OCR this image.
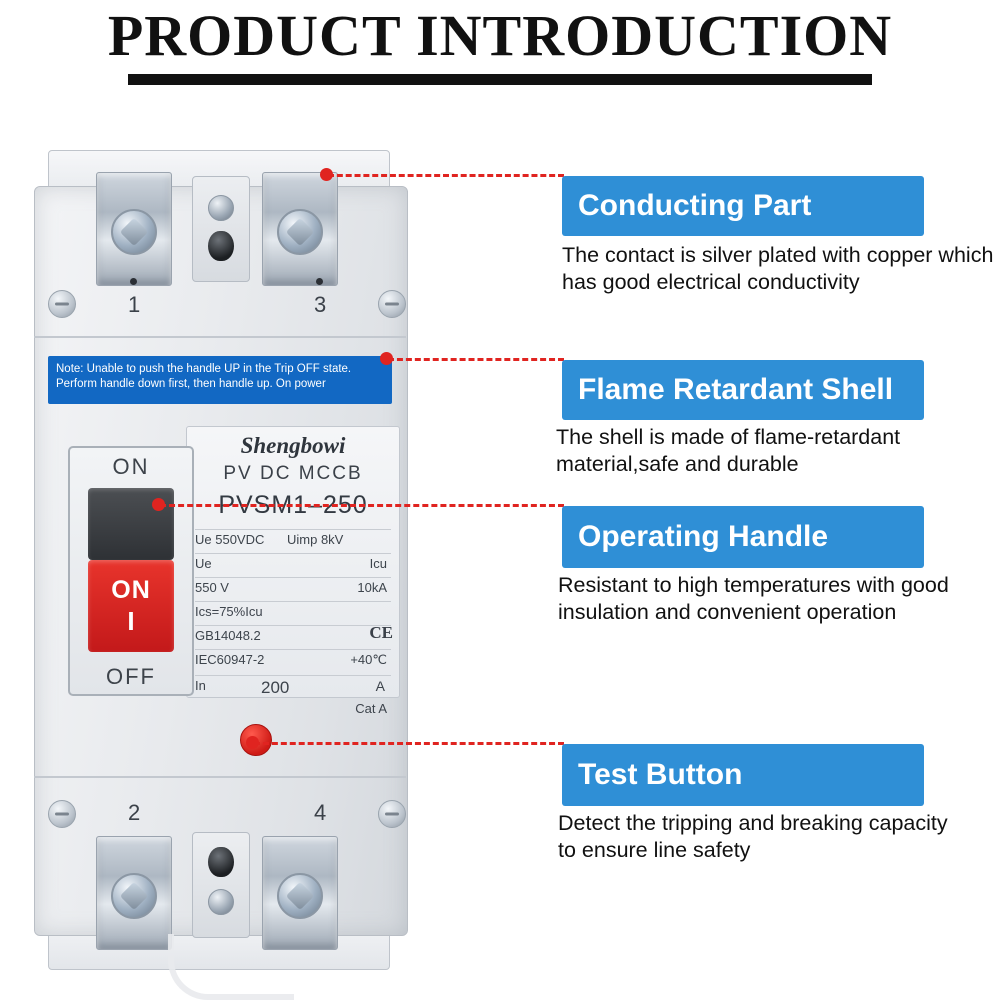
PRODUCT INTRODUCTION
1	3
2	4
Note: Unable to push the handle UP in the Trip OFF state.
Perform handle down first, then handle up. On power
Shengbowi
PV DC MCCB
PVSM1–250
Ue 550VDC Uimp 8kV
Ue	Icu
550 V	10kA
Ics=75%Icu
CE
GB14048.2
IEC60947-2	+40℃
In	200	A
Cat A
ON
ON
I
OFF
Conducting Part
The contact is silver plated with copper which has good electrical conductivity
Flame Retardant Shell
The shell is made of flame-retardant material,safe and durable
Operating Handle
Resistant to high temperatures with good insulation and convenient operation
Test Button
Detect the tripping and breaking capacity to ensure line safety
